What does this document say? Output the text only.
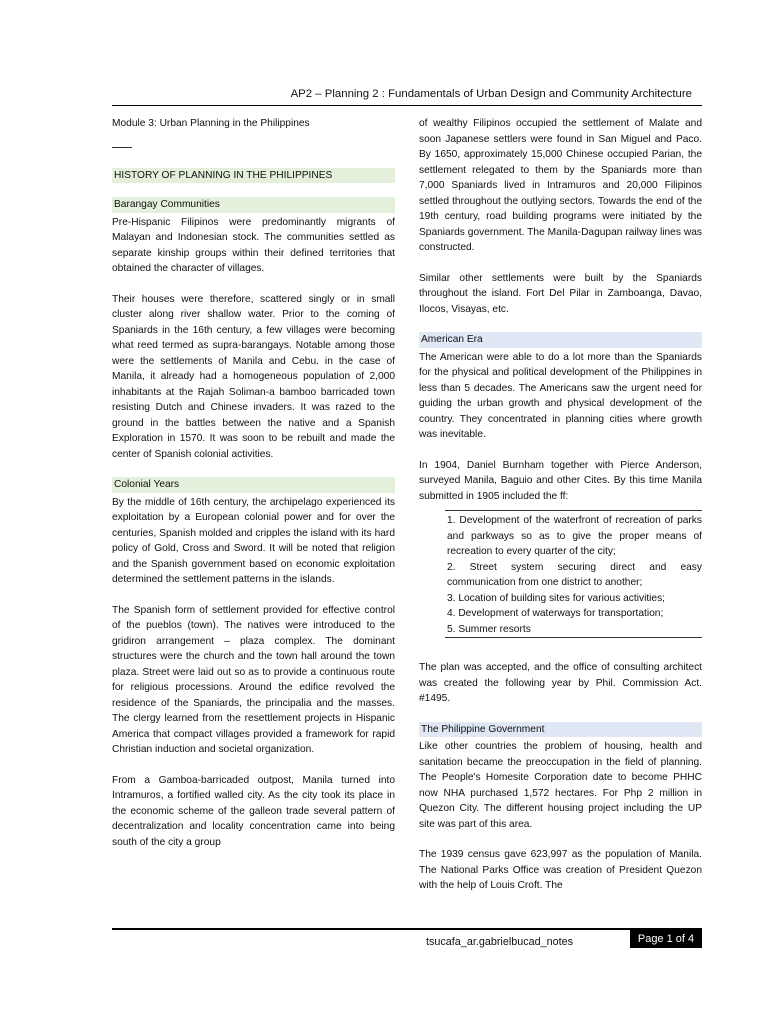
AP2 – Planning 2 : Fundamentals of Urban Design and Community Architecture

Module 3: Urban Planning in the Philippines

HISTORY OF PLANNING IN THE PHILIPPINES
Barangay Communities

Pre-Hispanic Filipinos were predominantly migrants of Malayan and Indonesian stock. The communities settled as separate kinship groups within their defined territories that obtained the character of villages.

Their houses were therefore, scattered singly or in small cluster along river shallow water. Prior to the coming of Spaniards in the 16th century, a few villages were becoming what reed termed as supra-barangays. Notable among those were the settlements of Manila and Cebu. in the case of Manila, it already had a homogeneous population of 2,000 inhabitants at the Rajah Soliman-a bamboo barricaded town resisting Dutch and Chinese invaders. It was razed to the ground in the battles between the native and a Spanish Exploration in 1570. It was soon to be rebuilt and made the center of Spanish colonial activities.

Colonial Years

By the middle of 16th century, the archipelago experienced its exploitation by a European colonial power and for over the centuries, Spanish molded and cripples the island with its hard policy of Gold, Cross and Sword. It will be noted that religion and the Spanish government based on economic exploitation determined the settlement patterns in the islands.

The Spanish form of settlement provided for effective control of the pueblos (town). The natives were introduced to the gridiron arrangement – plaza complex. The dominant structures were the church and the town hall around the town plaza. Street were laid out so as to provide a continuous route for religious processions. Around the edifice revolved the residence of the Spaniards, the principalia and the masses. The clergy learned from the resettlement projects in Hispanic America that compact villages provided a framework for rapid Christian induction and societal organization.

From a Gamboa-barricaded outpost, Manila turned into Intramuros, a fortified walled city. As the city took its place in the economic scheme of the galleon trade several pattern of decentralization and locality concentration came into being south of the city a group

of wealthy Filipinos occupied the settlement of Malate and soon Japanese settlers were found in San Miguel and Paco. By 1650, approximately 15,000 Chinese occupied Parian, the settlement relegated to them by the Spaniards more than 7,000 Spaniards lived in Intramuros and 20,000 Filipinos settled throughout the outlying sectors. Towards the end of the 19th century, road building programs were initiated by the Spaniards government. The Manila-Dagupan railway lines was constructed.

Similar other settlements were built by the Spaniards throughout the island. Fort Del Pilar in Zamboanga, Davao, Ilocos, Visayas, etc.

American Era

The American were able to do a lot more than the Spaniards for the physical and political development of the Philippines in less than 5 decades. The Americans saw the urgent need for guiding the urban growth and physical development of the country. They concentrated in planning cities where growth was inevitable.

In 1904, Daniel Burnham together with Pierce Anderson, surveyed Manila, Baguio and other Cites. By this time Manila submitted in 1905 included the ff:

1. Development of the waterfront of recreation of parks and parkways so as to give the proper means of recreation to every quarter of the city;
2. Street system securing direct and easy communication from one district to another;
3. Location of building sites for various activities;
4. Development of waterways for transportation;
5. Summer resorts

The plan was accepted, and the office of consulting architect was created the following year by Phil. Commission Act. #1495.

The Philippine Government

Like other countries the problem of housing, health and sanitation became the preoccupation in the field of planning. The People's Homesite Corporation date to become PHHC now NHA purchased 1,572 hectares. For Php 2 million in Quezon City. The different housing project including the UP site was part of this area.

The 1939 census gave 623,997 as the population of Manila. The National Parks Office was creation of President Quezon with the help of Louis Croft. The

tsucafa_ar.gabrielbucad_notes	Page 1 of 4
